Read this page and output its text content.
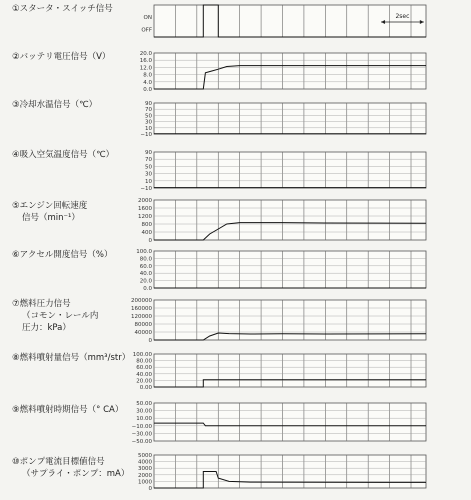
①スタータ・スイッチ信号
②バッテリ電圧信号（V）
③冷却水温信号（℃）
④吸入空気温度信号（℃）
⑤エンジン回転速度
信号（min⁻¹）
⑥アクセル開度信号（%）
⑦燃料圧力信号
（コモン・レール内
圧力：kPa）
⑧燃料噴射量信号（mm³/str）
⑨燃料噴射時期信号（° CA）
⑩ポンプ電流目標値信号
（サプライ・ポンプ：mA）
ON
OFF
20.0
16.0
12.0
8.0
4.0
0.0
90
70
50
30
10
−10
90
70
50
30
10
−10
2000
1600
1200
800
400
0
100.0
80.0
60.0
40.0
20.0
0.0
200000
160000
120000
80000
40000
0
100.00
80.00
60.00
40.00
20.00
0.00
50.00
30.00
10.00
−10.00
−30.00
−50.00
5000
4000
3000
2000
1000
0
2sec
